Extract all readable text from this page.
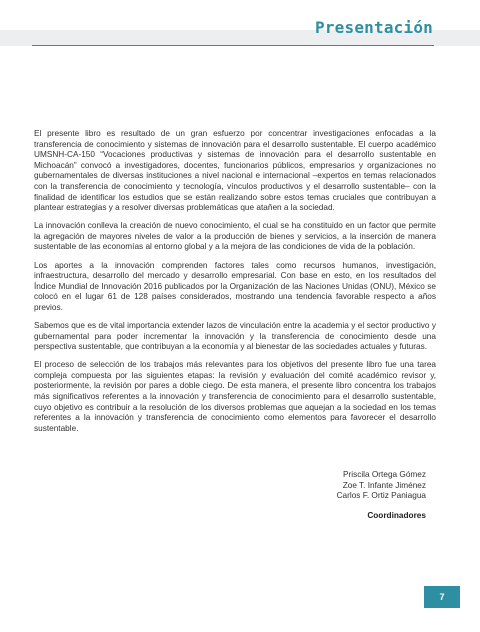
Presentación

El presente libro es resultado de un gran esfuerzo por concentrar investigaciones enfocadas a la transferencia de conocimiento y sistemas de innovación para el desarrollo sustentable. El cuerpo académico UMSNH-CA-150 “Vocaciones productivas y sistemas de innovación para el desarrollo sustentable en Michoacán” convocó a investigadores, docentes, funcionarios públicos, empresarios y organizaciones no gubernamentales de diversas instituciones a nivel nacional e internacional –expertos en temas relacionados con la transferencia de conocimiento y tecnología, vínculos productivos y el desarrollo sustentable– con la finalidad de identificar los estudios que se están realizando sobre estos temas cruciales que contribuyan a plantear estrategias y a resolver diversas problemáticas que ataňen a la sociedad.

La innovación conlleva la creación de nuevo conocimiento, el cual se ha constituido en un factor que permite la agregación de mayores niveles de valor a la producción de bienes y servicios, a la inserción de manera sustentable de las economías al entorno global y a la mejora de las condiciones de vida de la población.

Los aportes a la innovación comprenden factores tales como recursos humanos, investigación, infraestructura, desarrollo del mercado y desarrollo empresarial. Con base en esto, en los resultados del Índice Mundial de Innovación 2016 publicados por la Organización de las Naciones Unidas (ONU), México se colocó en el lugar 61 de 128 países considerados, mostrando una tendencia favorable respecto a años previos.

Sabemos que es de vital importancia extender lazos de vinculación entre la academia y el sector productivo y gubernamental para poder incrementar la innovación y la transferencia de conocimiento desde una perspectiva sustentable, que contribuyan a la economía y al bienestar de las sociedades actuales y futuras.

El proceso de selección de los trabajos más relevantes para los objetivos del presente libro fue una tarea compleja compuesta por las siguientes etapas: la revisión y evaluación del comité académico revisor y, posteriormente, la revisión por pares a doble ciego. De esta manera, el presente libro concentra los trabajos más significativos referentes a la innovación y transferencia de conocimiento para el desarrollo sustentable, cuyo objetivo es contribuir a la resolución de los diversos problemas que aquejan a la sociedad en los temas referentes a la innovación y transferencia de conocimiento como elementos para favorecer el desarrollo sustentable.

Priscila Ortega Gómez
Zoe T. Infante Jiménez
Carlos F. Ortiz Paniagua
Coordinadores
7
